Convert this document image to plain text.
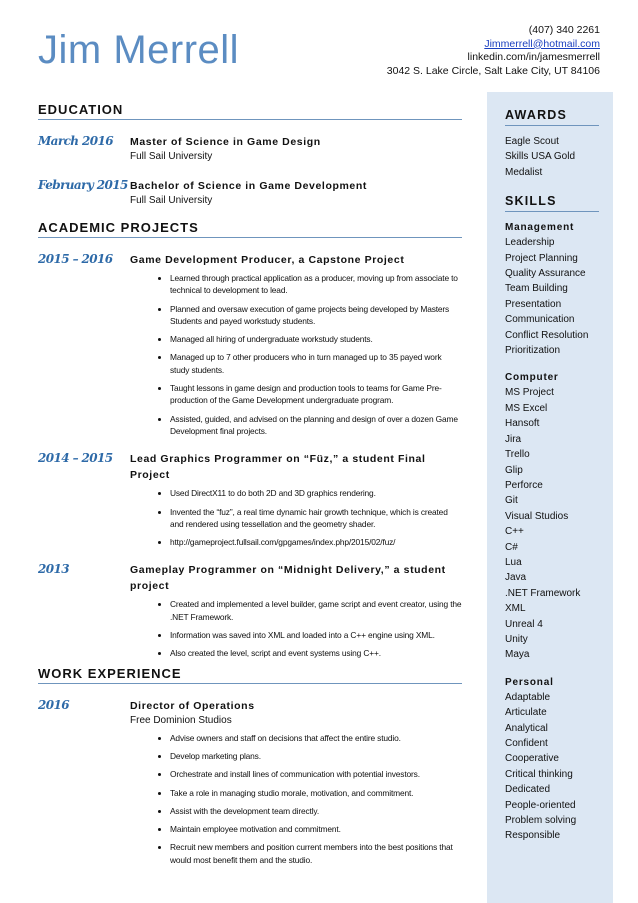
Jim Merrell	(407) 340 2261
Jimmerrell@hotmail.com
linkedin.com/in/jamesmerrell
3042 S. Lake Circle, Salt Lake City, UT 84106
AWARDS
Eagle Scout
Skills USA Gold
Medalist
SKILLS
Management
Leadership
Project Planning
Quality Assurance
Team Building
Presentation
Communication
Conflict Resolution
Prioritization
Computer
MS Project
MS Excel
Hansoft
Jira
Trello
Glip
Perforce
Git
Visual Studios
C++
C#
Lua
Java
.NET Framework
XML
Unreal 4
Unity
Maya
Personal
Adaptable
Articulate
Analytical
Confident
Cooperative
Critical thinking
Dedicated
People-oriented
Problem solving
Responsible
EDUCATION
March 2016 Master of Science in Game Design
Full Sail University
February 2015 Bachelor of Science in Game Development
Full Sail University
ACADEMIC PROJECTS
2015 – 2016 Game Development Producer, a Capstone Project
• Learned through practical application as a producer, moving up from associate to technical to development to lead.
• Planned and oversaw execution of game projects being developed by Masters Students and payed workstudy students.
• Managed all hiring of undergraduate workstudy students.
• Managed up to 7 other producers who in turn managed up to 35 payed work study students.
• Taught lessons in game design and production tools to teams for Game Pre-production of the Game Development undergraduate program.
• Assisted, guided, and advised on the planning and design of over a dozen Game Development final projects.
2014 – 2015 Lead Graphics Programmer on “Füz,” a student Final Project
• Used DirectX11 to do both 2D and 3D graphics rendering.
• Invented the “fuz”, a real time dynamic hair growth technique, which is created and rendered using tessellation and the geometry shader.
• http://gameproject.fullsail.com/gpgames/index.php/2015/02/fuz/
2013	Gameplay Programmer on “Midnight Delivery,” a student project
• Created and implemented a level builder, game script and event creator, using the .NET Framework.
• Information was saved into XML and loaded into a C++ engine using XML.
• Also created the level, script and event systems using C++.
WORK EXPERIENCE
2016	Director of Operations
Free Dominion Studios
• Advise owners and staff on decisions that affect the entire studio.
• Develop marketing plans.
• Orchestrate and install lines of communication with potential investors.
• Take a role in managing studio morale, motivation, and commitment.
• Assist with the development team directly.
• Maintain employee motivation and commitment.
• Recruit new members and position current members into the best positions that would most benefit them and the studio.
